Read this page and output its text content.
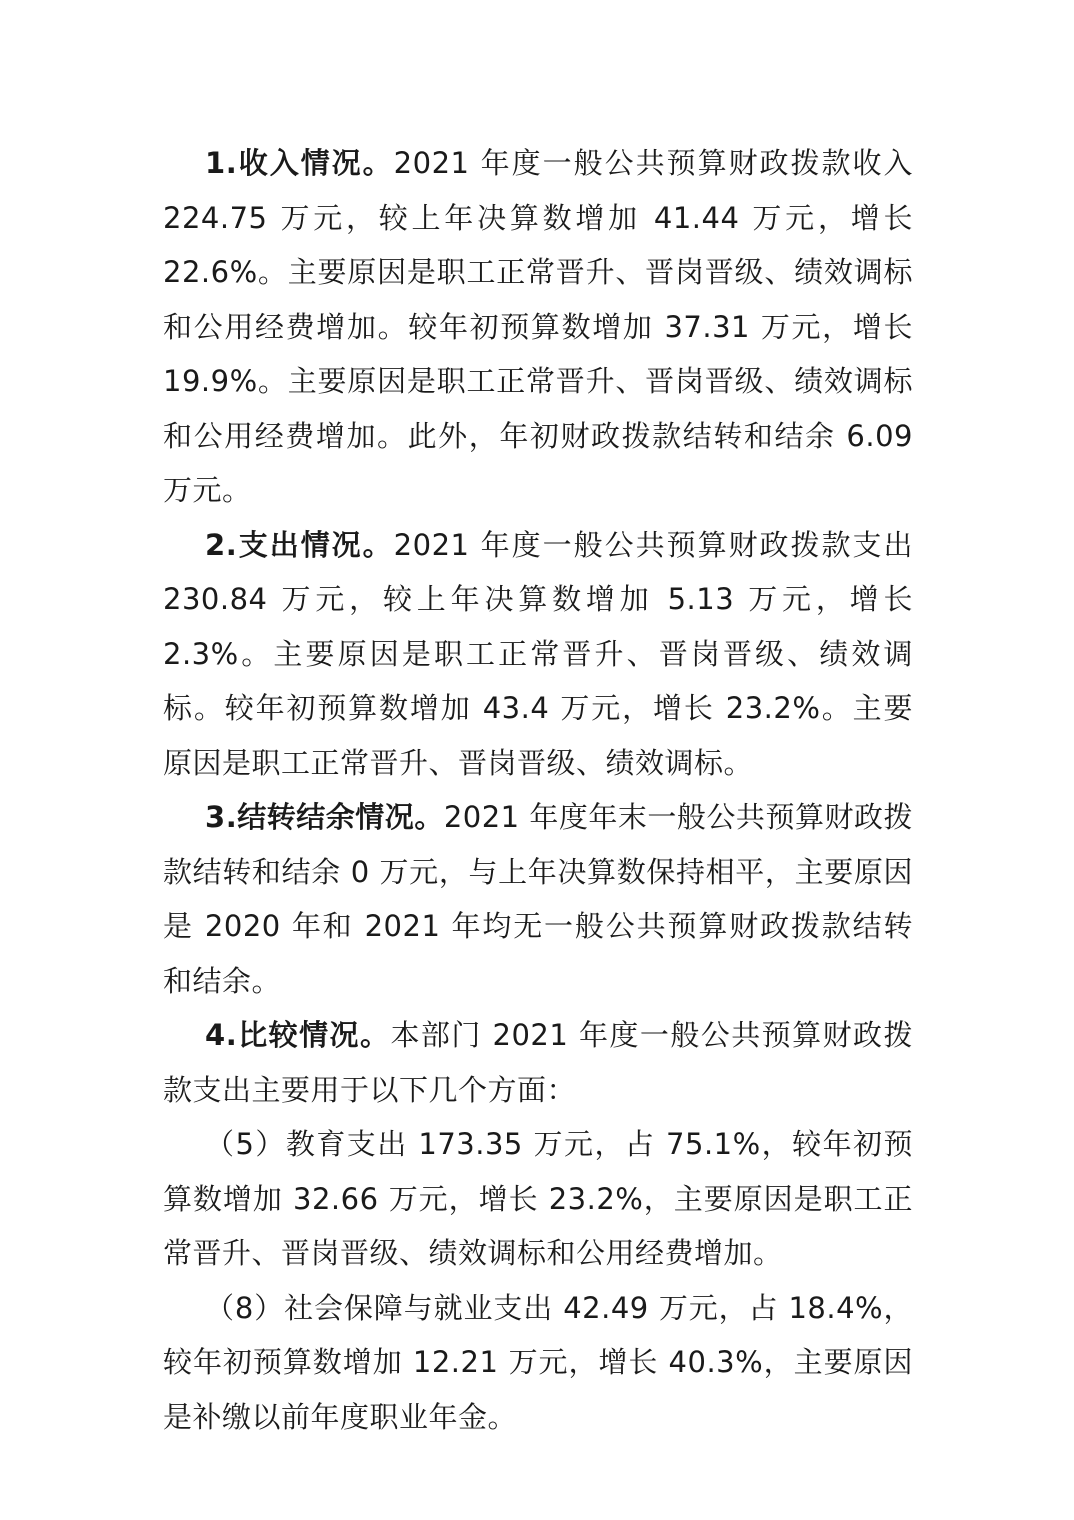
1.收入情况。2021 年度一般公共预算财政拨款收入 224.75 万元，较上年决算数增加 41.44 万元，增长 22.6%。主要原因是职工正常晋升、晋岗晋级、绩效调标和公用经费增加。较年初预算数增加 37.31 万元，增长 19.9%。主要原因是职工正常晋升、晋岗晋级、绩效调标和公用经费增加。此外，年初财政拨款结转和结余 6.09 万元。

2.支出情况。2021 年度一般公共预算财政拨款支出 230.84 万元，较上年决算数增加 5.13 万元，增长 2.3%。主要原因是职工正常晋升、晋岗晋级、绩效调标。较年初预算数增加 43.4 万元，增长 23.2%。主要原因是职工正常晋升、晋岗晋级、绩效调标。

3.结转结余情况。2021 年度年末一般公共预算财政拨款结转和结余 0 万元，与上年决算数保持相平，主要原因是 2020 年和 2021 年均无一般公共预算财政拨款结转和结余。

4.比较情况。本部门 2021 年度一般公共预算财政拨款支出主要用于以下几个方面：

（5）教育支出 173.35 万元，占 75.1%，较年初预算数增加 32.66 万元，增长 23.2%，主要原因是职工正常晋升、晋岗晋级、绩效调标和公用经费增加。

（8）社会保障与就业支出 42.49 万元，占 18.4%，较年初预算数增加 12.21 万元，增长 40.3%，主要原因是补缴以前年度职业年金。
